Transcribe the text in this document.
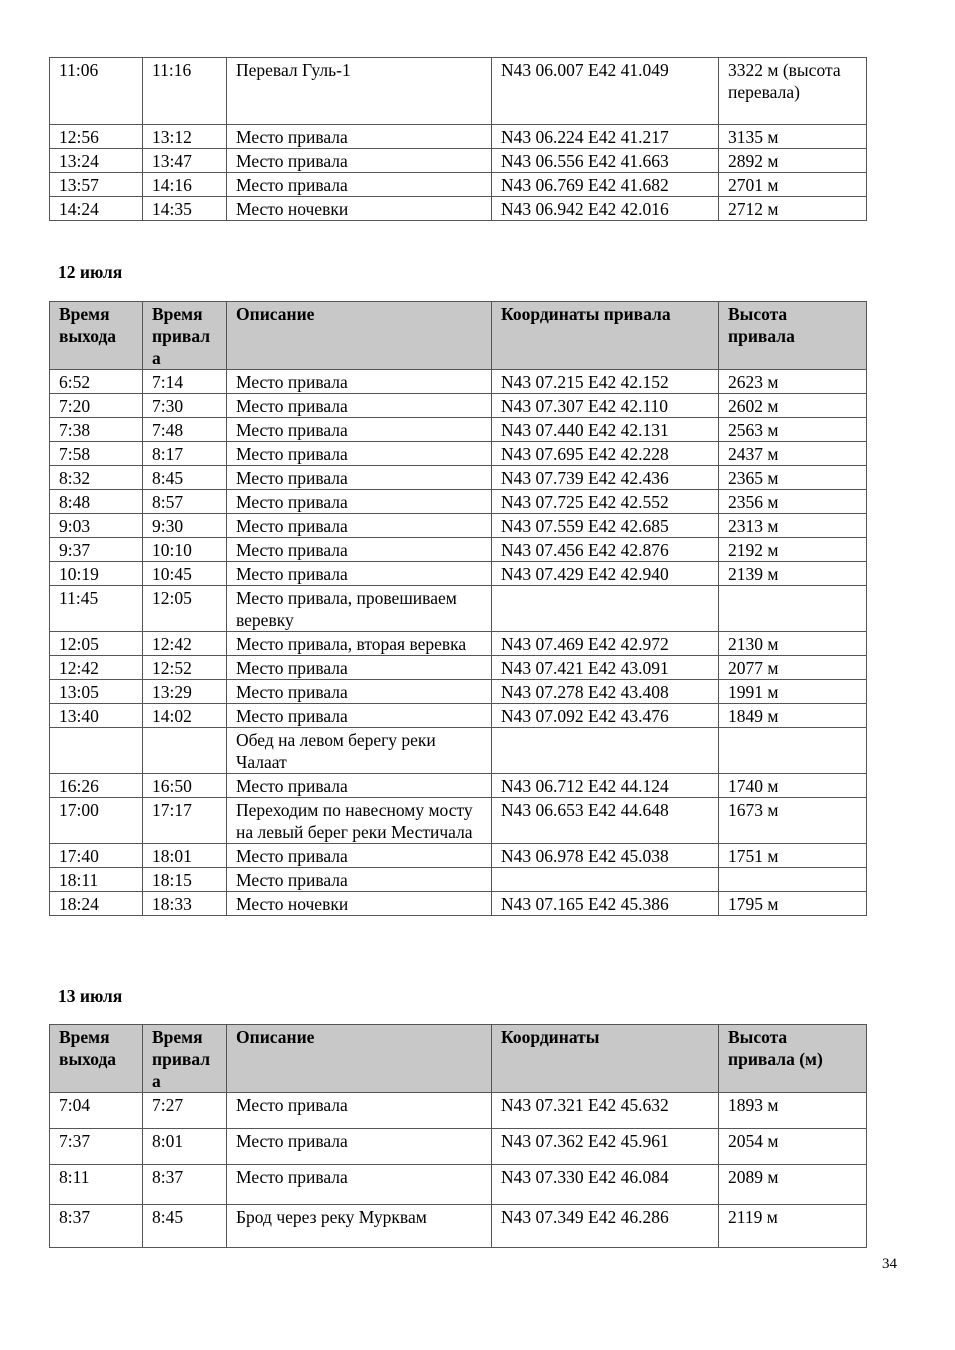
11:06	11:16	Перевал Гуль-1	N43 06.007 E42 41.049	3322 м (высота перевала)
12:56	13:12	Место привала	N43 06.224 E42 41.217	3135 м
13:24	13:47	Место привала	N43 06.556 E42 41.663	2892 м
13:57	14:16	Место привала	N43 06.769 E42 41.682	2701 м
14:24	14:35	Место ночевки	N43 06.942 E42 42.016	2712 м
12 июля
Время выхода	Время привала	Описание	Координаты привала	Высота привала
6:52	7:14	Место привала	N43 07.215 E42 42.152	2623 м
7:20	7:30	Место привала	N43 07.307 E42 42.110	2602 м
7:38	7:48	Место привала	N43 07.440 E42 42.131	2563 м
7:58	8:17	Место привала	N43 07.695 E42 42.228	2437 м
8:32	8:45	Место привала	N43 07.739 E42 42.436	2365 м
8:48	8:57	Место привала	N43 07.725 E42 42.552	2356 м
9:03	9:30	Место привала	N43 07.559 E42 42.685	2313 м
9:37	10:10	Место привала	N43 07.456 E42 42.876	2192 м
10:19	10:45	Место привала	N43 07.429 E42 42.940	2139 м
11:45	12:05	Место привала, провешиваем веревку		
12:05	12:42	Место привала, вторая веревка	N43 07.469 E42 42.972	2130 м
12:42	12:52	Место привала	N43 07.421 E42 43.091	2077 м
13:05	13:29	Место привала	N43 07.278 E42 43.408	1991 м
13:40	14:02	Место привала	N43 07.092 E42 43.476	1849 м
		Обед на левом берегу реки Чалаат		
16:26	16:50	Место привала	N43 06.712 E42 44.124	1740 м
17:00	17:17	Переходим по навесному мосту на левый берег реки Местичала	N43 06.653 E42 44.648	1673 м
17:40	18:01	Место привала	N43 06.978 E42 45.038	1751 м
18:11	18:15	Место привала		
18:24	18:33	Место ночевки	N43 07.165 E42 45.386	1795 м
13 июля
Время выхода	Время привала	Описание	Координаты	Высота привала (м)
7:04	7:27	Место привала	N43 07.321 E42 45.632	1893 м
7:37	8:01	Место привала	N43 07.362 E42 45.961	2054 м
8:11	8:37	Место привала	N43 07.330 E42 46.084	2089 м
8:37	8:45	Брод через реку Мурквам	N43 07.349 E42 46.286	2119 м
34
